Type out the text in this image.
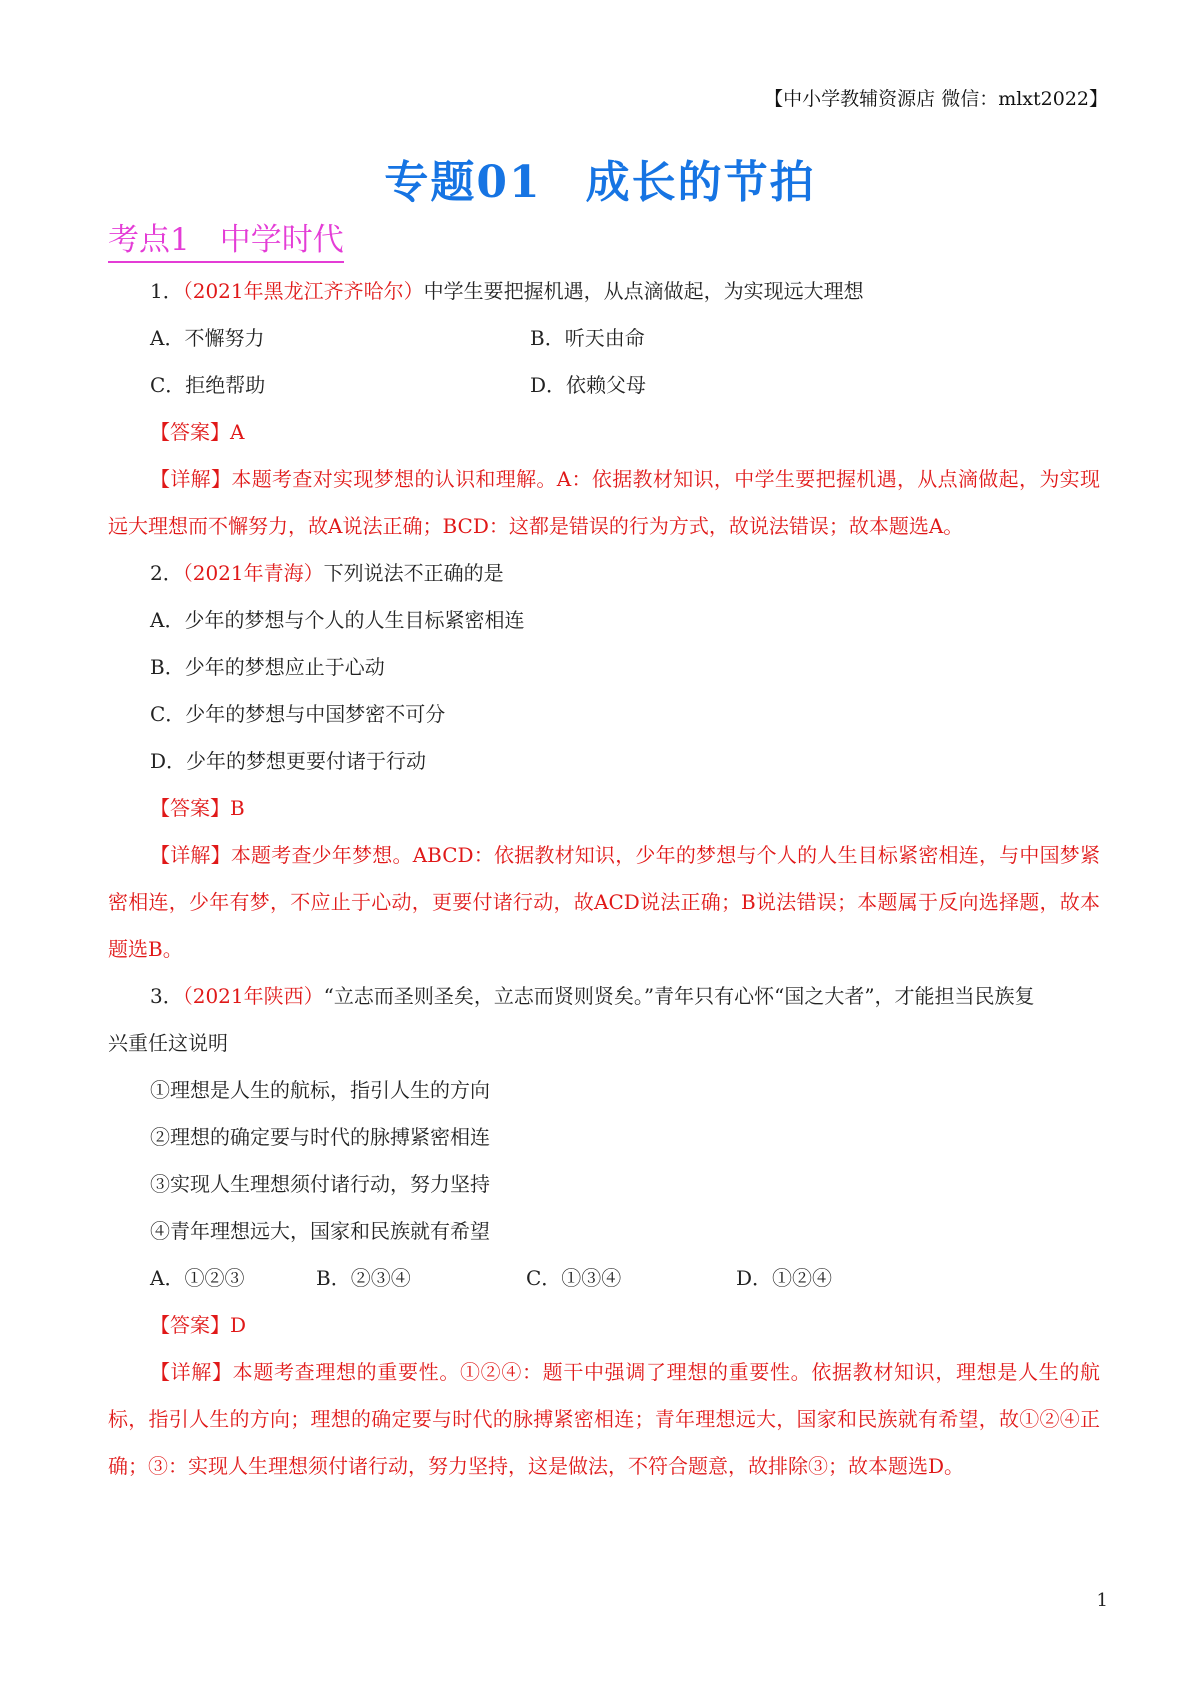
【中小学教辅资源店 微信：mlxt2022】
专题01 成长的节拍
考点1 中学时代
1．（2021年黑龙江齐齐哈尔）中学生要把握机遇，从点滴做起，为实现远大理想
A．不懈努力	B．听天由命
C．拒绝帮助	D．依赖父母
【答案】A
【详解】本题考查对实现梦想的认识和理解。A：依据教材知识，中学生要把握机遇，从点滴做起，为实现远大理想而不懈努力，故A说法正确；BCD：这都是错误的行为方式，故说法错误；故本题选A。
2．（2021年青海）下列说法不正确的是
A．少年的梦想与个人的人生目标紧密相连
B．少年的梦想应止于心动
C．少年的梦想与中国梦密不可分
D．少年的梦想更要付诸于行动
【答案】B
【详解】本题考查少年梦想。ABCD：依据教材知识，少年的梦想与个人的人生目标紧密相连，与中国梦紧密相连，少年有梦，不应止于心动，更要付诸行动，故ACD说法正确；B说法错误；本题属于反向选择题，故本题选B。
3．（2021年陕西）“立志而圣则圣矣，立志而贤则贤矣。”青年只有心怀“国之大者”，才能担当民族复
兴重任这说明
①理想是人生的航标，指引人生的方向
②理想的确定要与时代的脉搏紧密相连
③实现人生理想须付诸行动，努力坚持
④青年理想远大，国家和民族就有希望
A．①②③	B．②③④	C．①③④	D．①②④
【答案】D
【详解】本题考查理想的重要性。①②④：题干中强调了理想的重要性。依据教材知识，理想是人生的航标，指引人生的方向；理想的确定要与时代的脉搏紧密相连；青年理想远大，国家和民族就有希望，故①②④正确；③：实现人生理想须付诸行动，努力坚持，这是做法，不符合题意，故排除③；故本题选D。
1
